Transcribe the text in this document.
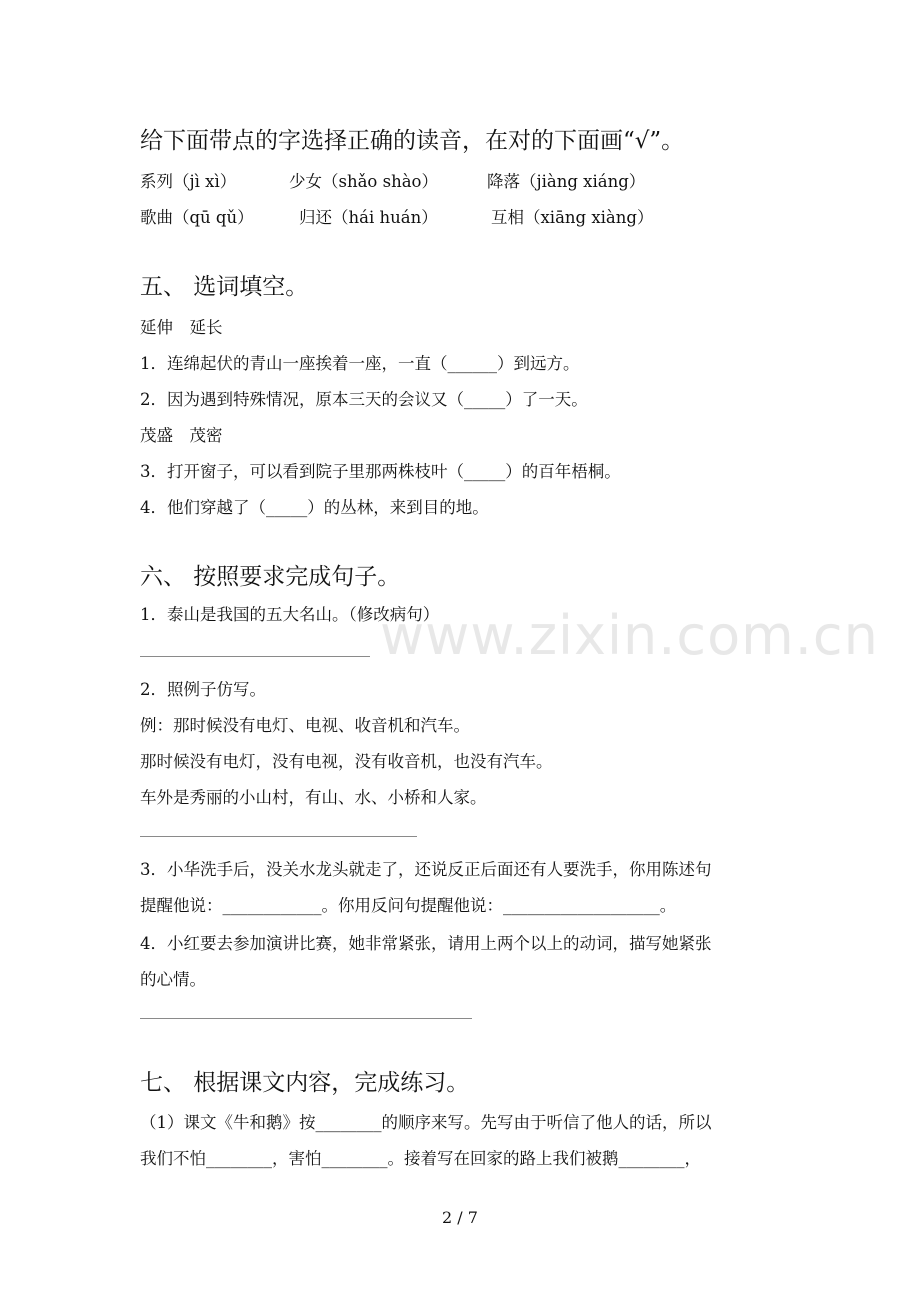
www.zixin.com.cn
给下面带点的字选择正确的读音，在对的下面画“√”。
系列（jì xì）	少女（shǎo shào）	降落（jiàng xiáng）
歌曲（qū qǔ）	归还（hái huán）	互相（xiāng xiàng）
五、 选词填空。
延伸　延长
1．连绵起伏的青山一座挨着一座，一直（______）到远方。
2．因为遇到特殊情况，原本三天的会议又（_____）了一天。
茂盛　茂密
3．打开窗子，可以看到院子里那两株枝叶（_____）的百年梧桐。
4．他们穿越了（_____）的丛林，来到目的地。
六、 按照要求完成句子。
1．泰山是我国的五大名山。（修改病句）
2．照例子仿写。
例：那时候没有电灯、电视、收音机和汽车。
那时候没有电灯，没有电视，没有收音机，也没有汽车。
车外是秀丽的小山村，有山、水、小桥和人家。
3．小华洗手后，没关水龙头就走了，还说反正后面还有人要洗手，你用陈述句
提醒他说：____________。你用反问句提醒他说：___________________。
4．小红要去参加演讲比赛，她非常紧张，请用上两个以上的动词，描写她紧张
的心情。
七、 根据课文内容，完成练习。
（1）课文《牛和鹅》按________的顺序来写。先写由于听信了他人的话，所以
我们不怕________，害怕________。接着写在回家的路上我们被鹅________，
2 / 7
